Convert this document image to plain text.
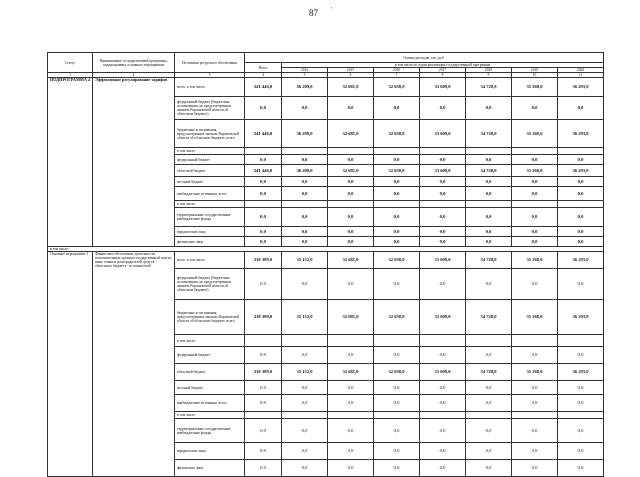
87 '
Статус	Наименование государственной программы, подпрограммы, основного мероприятия	Источники ресурсного обеспечения	Оценка расходов, тыс. руб.							
			Всего	в том числе по годам реализации государственной программы						
				2014	2015	2016	2017	2018	2019	2020
1	2	3	4	5	6	7	8	9	10	11
ПОДПРОГРАММА 4	Эффективное регулирование тарифов	всего, в том числе:	241 446,0	36 209,0	32 681,0	32 658,0	33 609,0	34 728,0	35 268,0	36 293,0
		федеральный бюджет (бюджетные ассигнования, не предусмотренные законом Воронежской области об областном бюджете)	0,0	0,0	0,0	0,0	0,0	0,0	0,0	0,0
		бюджетные ассигнования, предусмотренные законом Воронежской области об областном бюджете, всего	241 446,0	36 209,0	32 681,0	32 658,0	33 609,0	34 728,0	35 268,0	36 293,0
		в том числе:								
		федеральный бюджет	0,0	0,0	0,0	0,0	0,0	0,0	0,0	0,0
		областной бюджет	241 446,0	36 209,0	32 681,0	32 658,0	33 609,0	34 728,0	35 268,0	36 293,0
		местный бюджет	0,0	0,0	0,0	0,0	0,0	0,0	0,0	0,0
		внебюджетные источники, всего	0,0	0,0	0,0	0,0	0,0	0,0	0,0	0,0
		в том числе:								
		территориальные государственные внебюджетные фонды	0,0	0,0	0,0	0,0	0,0	0,0	0,0	0,0
		юридические лица	0,0	0,0	0,0	0,0	0,0	0,0	0,0	0,0
		физические лица	0,0	0,0	0,0	0,0	0,0	0,0	0,0	0,0
в том числе:										
Основное мероприятие 1	Финансовое обеспечение деятельности исполнительных органов государственной власти, иных главных распорядителей средств областного бюджета - исполнителей	всего, в том числе:	238 389,0	35 152,0	32 681,0	32 658,0	33 609,0	34 728,0	35 268,0	36 293,0
		федеральный бюджет (бюджетные ассигнования, не предусмотренные законом Воронежской области об областном бюджете)	0,0	0,0	0,0	0,0	0,0	0,0	0,0	0,0
		бюджетные ассигнования, предусмотренные законом Воронежской области об областном бюджете, всего	238 389,0	35 152,0	32 681,0	32 658,0	33 609,0	34 728,0	35 268,0	36 293,0
		в том числе:								
		федеральный бюджет	0,0	0,0	0,0	0,0	0,0	0,0	0,0	0,0
		областной бюджет	238 389,0	35 152,0	32 681,0	32 658,0	33 609,0	34 728,0	35 268,0	36 293,0
		местный бюджет	0,0	0,0	0,0	0,0	0,0	0,0	0,0	0,0
		внебюджетные источники, всего	0,0	0,0	0,0	0,0	0,0	0,0	0,0	0,0
		в том числе:								
		территориальные государственные внебюджетные фонды	0,0	0,0	0,0	0,0	0,0	0,0	0,0	0,0
		юридические лица	0,0	0,0	0,0	0,0	0,0	0,0	0,0	0,0
		физические лица	0,0	0,0	0,0	0,0	0,0	0,0	0,0	0,0
